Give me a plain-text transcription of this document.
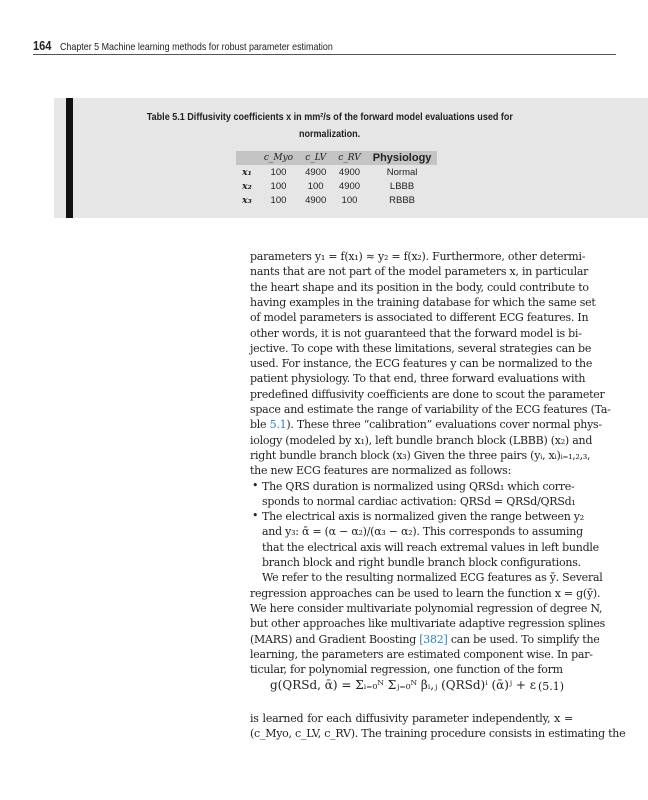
164 Chapter 5 Machine learning methods for robust parameter estimation
Table 5.1 Diffusivity coefficients x in mm²/s of the forward model evaluations used for
normalization.
	c_Myo	c_LV	c_RV	Physiology
x₁	100	4900	4900	Normal
x₂	100	100	4900	LBBB
x₃	100	4900	100	RBBB
parameters y₁ = f(x₁) ≈ y₂ = f(x₂). Furthermore, other determi-
nants that are not part of the model parameters x, in particular
the heart shape and its position in the body, could contribute to
having examples in the training database for which the same set
of model parameters is associated to different ECG features. In
other words, it is not guaranteed that the forward model is bi-
jective. To cope with these limitations, several strategies can be
used. For instance, the ECG features y can be normalized to the
patient physiology. To that end, three forward evaluations with
predefined diffusivity coefficients are done to scout the parameter
space and estimate the range of variability of the ECG features (Ta-
ble 5.1). These three “calibration” evaluations cover normal phys-
iology (modeled by x₁), left bundle branch block (LBBB) (x₂) and
right bundle branch block (x₃) Given the three pairs (yᵢ, xᵢ)ᵢ₌₁,₂,₃,
the new ECG features are normalized as follows:
• The QRS duration is normalized using QRSd₁ which corre-
sponds to normal cardiac activation: QRSd = QRSd/QRSd₁
• The electrical axis is normalized given the range between y₂
and y₃: ᾱ = (α − α₂)/(α₃ − α₂). This corresponds to assuming
that the electrical axis will reach extremal values in left bundle
branch block and right bundle branch block configurations.
We refer to the resulting normalized ECG features as ȳ. Several
regression approaches can be used to learn the function x = g(ȳ).
We here consider multivariate polynomial regression of degree N,
but other approaches like multivariate adaptive regression splines
(MARS) and Gradient Boosting [382] can be used. To simplify the
learning, the parameters are estimated component wise. In par-
ticular, for polynomial regression, one function of the form
is learned for each diffusivity parameter independently, x =
(c_Myo, c_LV, c_RV). The training procedure consists in estimating the
g(QRSd, ᾱ) = Σᵢ₌₀ᴺ Σⱼ₌₀ᴺ βᵢ,ⱼ (QRSd)ⁱ (ᾱ)ʲ + ε (5.1)
